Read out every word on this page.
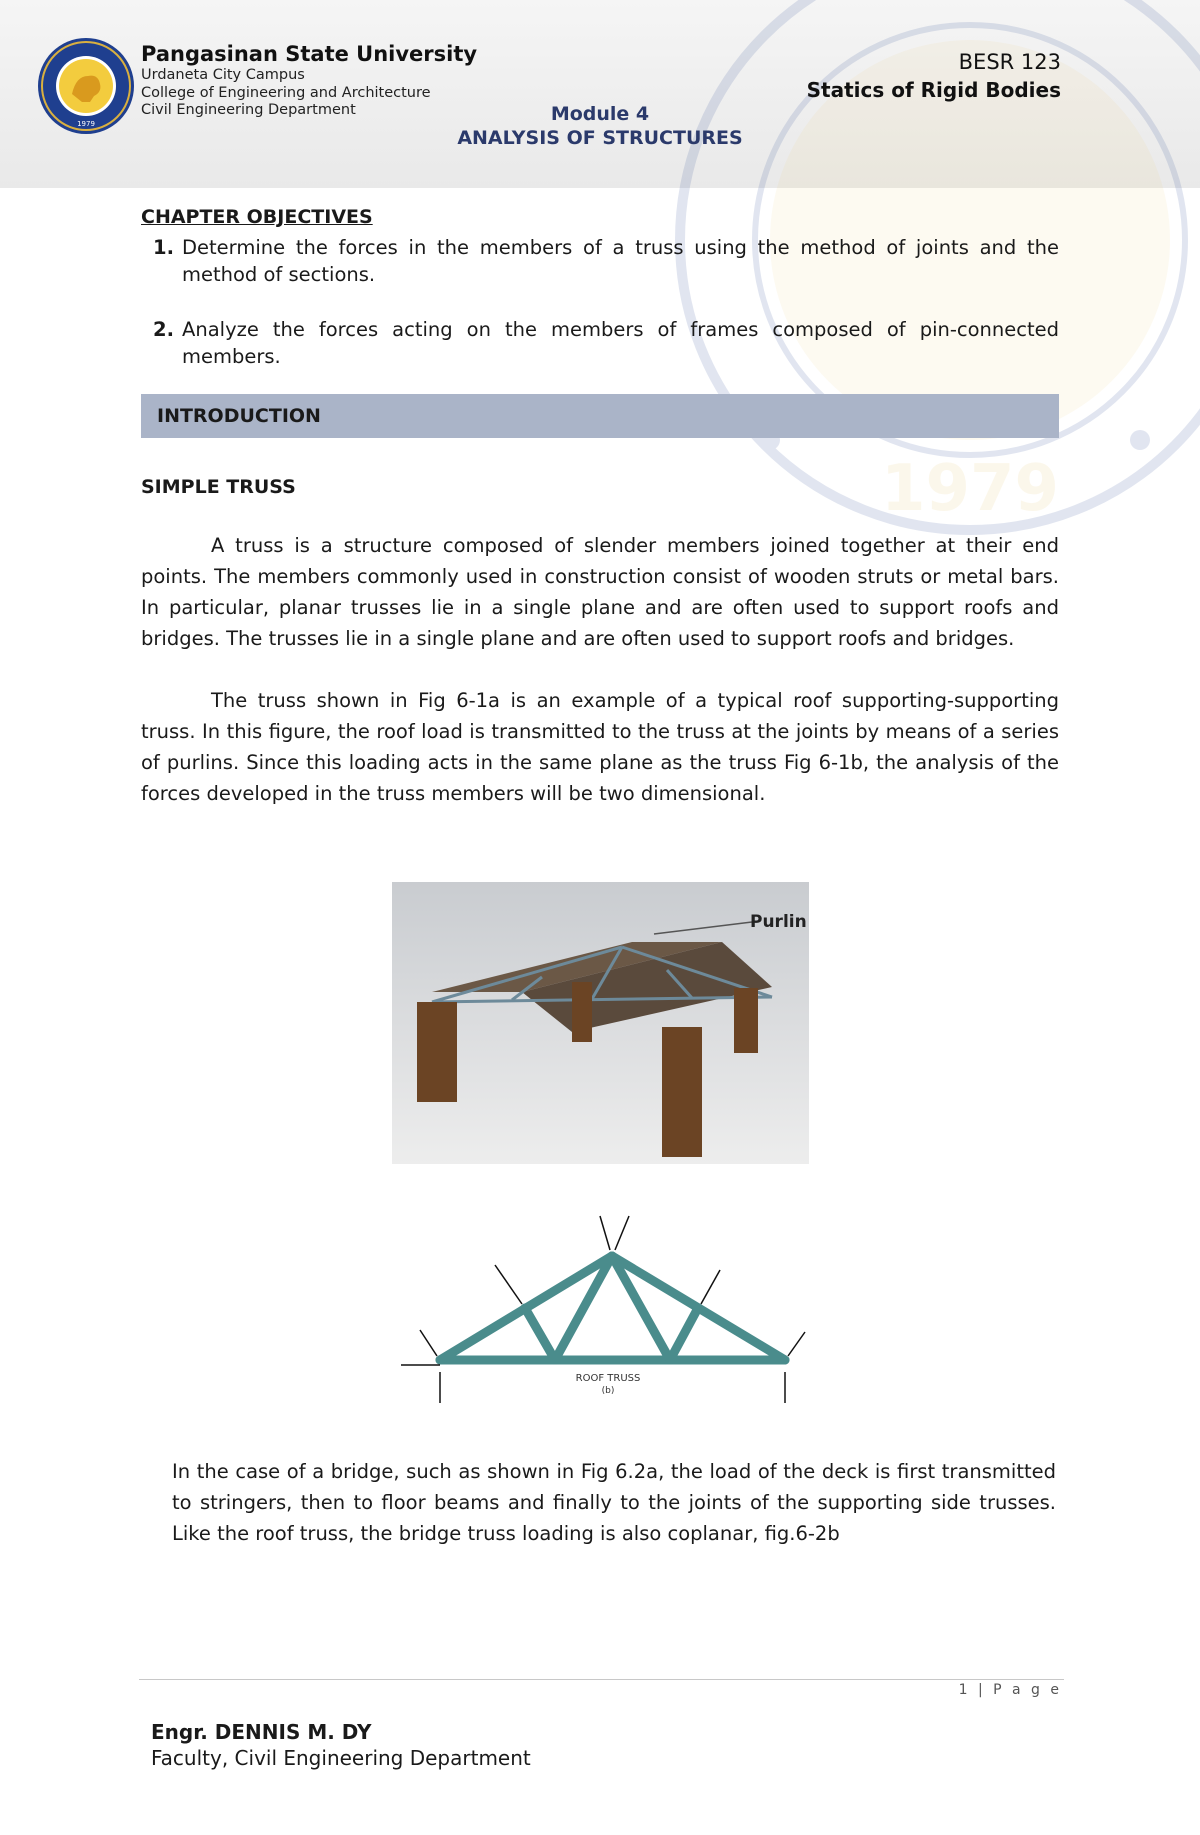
1979
1979
Pangasinan State University
Urdaneta City Campus
College of Engineering and Architecture
Civil Engineering Department
BESR 123
Statics of Rigid Bodies
Module 4
ANALYSIS OF STRUCTURES
CHAPTER OBJECTIVES
1. Determine the forces in the members of a truss using the method of joints and the method of sections.
2. Analyze the forces acting on the members of frames composed of pin-connected members.
INTRODUCTION
SIMPLE TRUSS

A truss is a structure composed of slender members joined together at their end points. The members commonly used in construction consist of wooden struts or metal bars. In particular, planar trusses lie in a single plane and are often used to support roofs and bridges. The trusses lie in a single plane and are often used to support roofs and bridges.

The truss shown in Fig 6-1a is an example of a typical roof supporting-supporting truss. In this figure, the roof load is transmitted to the truss at the joints by means of a series of purlins. Since this loading acts in the same plane as the truss Fig 6-1b, the analysis of the forces developed in the truss members will be two dimensional.

Purlin
ROOF TRUSS
(b)

In the case of a bridge, such as shown in Fig 6.2a, the load of the deck is first transmitted to stringers, then to floor beams and finally to the joints of the supporting side trusses. Like the roof truss, the bridge truss loading is also coplanar, fig.6-2b

1 | P a g e
Engr. DENNIS M. DY
Faculty, Civil Engineering Department
